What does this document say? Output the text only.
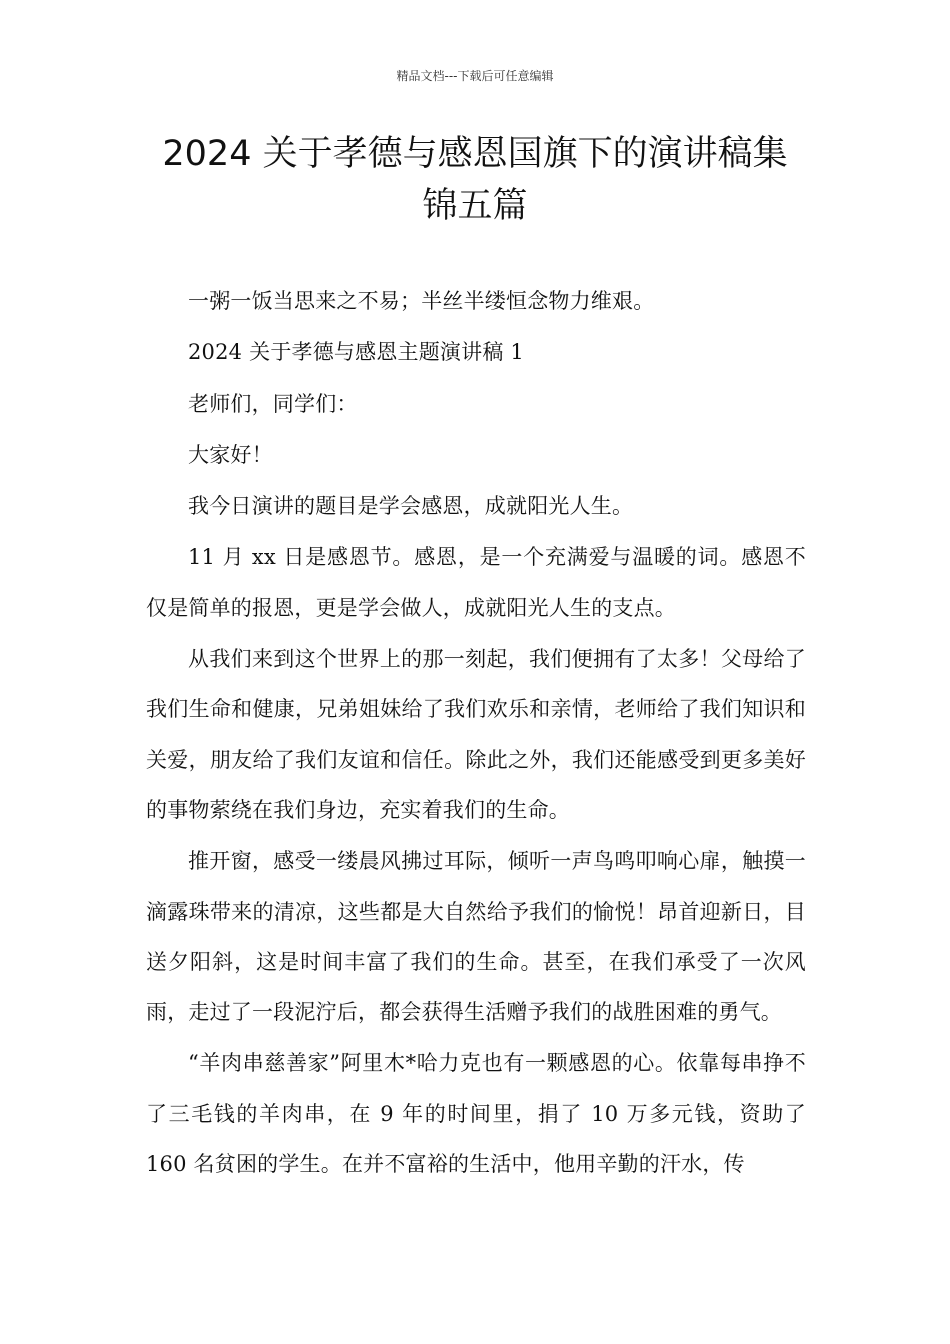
精品文档---下载后可任意编辑
2024 关于孝德与感恩国旗下的演讲稿集
锦五篇

一粥一饭当思来之不易；半丝半缕恒念物力维艰。

2024 关于孝德与感恩主题演讲稿 1

老师们，同学们：

大家好！

我今日演讲的题目是学会感恩，成就阳光人生。

11 月 xx 日是感恩节。感恩，是一个充满爱与温暖的词。感恩不仅是简单的报恩，更是学会做人，成就阳光人生的支点。

从我们来到这个世界上的那一刻起，我们便拥有了太多！父母给了我们生命和健康，兄弟姐妹给了我们欢乐和亲情，老师给了我们知识和关爱，朋友给了我们友谊和信任。除此之外，我们还能感受到更多美好的事物萦绕在我们身边，充实着我们的生命。

推开窗，感受一缕晨风拂过耳际，倾听一声鸟鸣叩响心扉，触摸一滴露珠带来的清凉，这些都是大自然给予我们的愉悦！昂首迎新日，目送夕阳斜，这是时间丰富了我们的生命。甚至，在我们承受了一次风雨，走过了一段泥泞后，都会获得生活赠予我们的战胜困难的勇气。

“羊肉串慈善家”阿里木*哈力克也有一颗感恩的心。依靠每串挣不了三毛钱的羊肉串，在 9 年的时间里，捐了 10 万多元钱，资助了 160 名贫困的学生。在并不富裕的生活中，他用辛勤的汗水，传
